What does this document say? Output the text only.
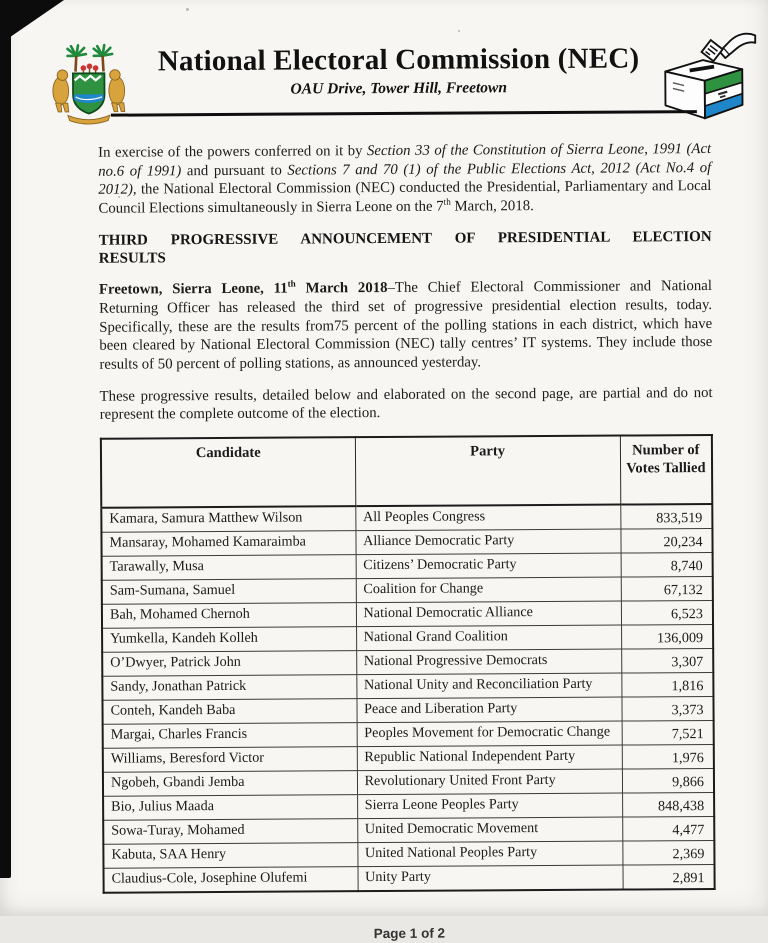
National Electoral Commission (NEC)
OAU Drive, Tower Hill, Freetown

In exercise of the powers conferred on it by Section 33 of the Constitution of Sierra Leone, 1991 (Act no.6 of 1991) and pursuant to Sections 7 and 70 (1) of the Public Elections Act, 2012 (Act No.4 of 2012), the National Electoral Commission (NEC) conducted the Presidential, Parliamentary and Local Council Elections simultaneously in Sierra Leone on the 7th March, 2018.

THIRD PROGRESSIVE ANNOUNCEMENT OF PRESIDENTIAL ELECTION
RESULTS

Freetown, Sierra Leone, 11th March 2018–The Chief Electoral Commissioner and National Returning Officer has released the third set of progressive presidential election results, today. Specifically, these are the results from75 percent of the polling stations in each district, which have been cleared by National Electoral Commission (NEC) tally centres’ IT systems. They include those results of 50 percent of polling stations, as announced yesterday.

These progressive results, detailed below and elaborated on the second page, are partial and do not represent the complete outcome of the election.

Candidate	Party	Number of Votes Tallied
Kamara, Samura Matthew Wilson	All Peoples Congress	833,519
Mansaray, Mohamed Kamaraimba	Alliance Democratic Party	20,234
Tarawally, Musa	Citizens’ Democratic Party	8,740
Sam-Sumana, Samuel	Coalition for Change	67,132
Bah, Mohamed Chernoh	National Democratic Alliance	6,523
Yumkella, Kandeh Kolleh	National Grand Coalition	136,009
O’Dwyer, Patrick John	National Progressive Democrats	3,307
Sandy, Jonathan Patrick	National Unity and Reconciliation Party	1,816
Conteh, Kandeh Baba	Peace and Liberation Party	3,373
Margai, Charles Francis	Peoples Movement for Democratic Change	7,521
Williams, Beresford Victor	Republic National Independent Party	1,976
Ngobeh, Gbandi Jemba	Revolutionary United Front Party	9,866
Bio, Julius Maada	Sierra Leone Peoples Party	848,438
Sowa-Turay, Mohamed	United Democratic Movement	4,477
Kabuta, SAA Henry	United National Peoples Party	2,369
Claudius-Cole, Josephine Olufemi	Unity Party	2,891
Page 1 of 2
